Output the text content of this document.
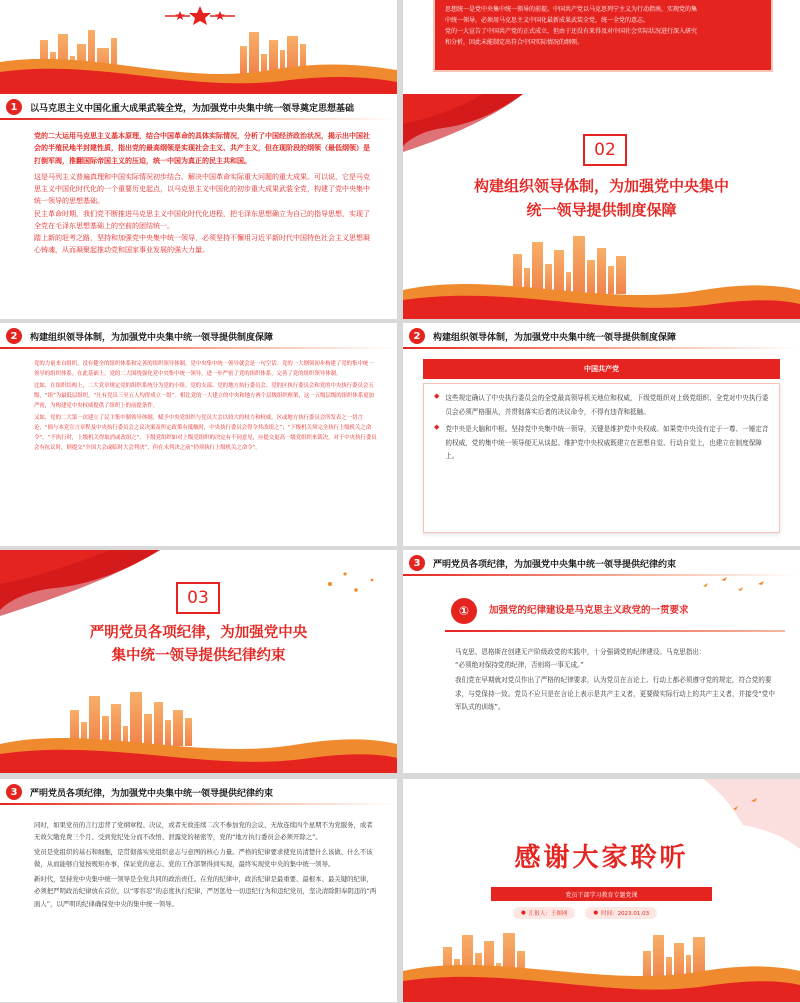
思想统一是党中央集中统一领导的前提。中国共产党以马克思列宁主义为行动指南，实现党的集
中统一领导，必须用马克思主义中国化最新成果武装全党，统一全党的意志。
党的一大宣告了中国共产党的正式成立，但由于还没有来得及对中国社会实际状况进行深入研究
和分析，因此未能制定出符合中国实际情况的纲领。
1	以马克思主义中国化重大成果武装全党，为加强党中央集中统一领导奠定思想基础

党的二大运用马克思主义基本原理，结合中国革命的具体实际情况，分析了中国经济政治状况，揭示出中国社会的半殖民地半封建性质，指出党的最高纲领是实现社会主义、共产主义，但在现阶段的纲领（最低纲领）是打倒军阀，推翻国际帝国主义的压迫，统一中国为真正的民主共和国。

这是马列主义普遍真理和中国实际情况初步结合、解决中国革命实际重大问题的重大成果。可以说，它是马克思主义中国化时代化的一个重要历史起点，以马克思主义中国化的初步重大成果武装全党，构建了党中央集中统一领导的思想基础。

民主革命时期，我们党不断推进马克思主义中国化时代化进程，把毛泽东思想确立为自己的指导思想，实现了全党在毛泽东思想基础上的空前的团结统一。

踏上新的赶考之路，坚持和加强党中央集中统一领导，必须坚持不懈用习近平新时代中国特色社会主义思想凝心铸魂，从而凝聚起推动党和国家事业发展的强大力量。

02
构建组织领导体制，为加强党中央集中
统一领导提供制度保障
2	构建组织领导体制，为加强党中央集中统一领导提供制度保障

党的力量来自组织。没有健全的组织体系和完善的组织领导体制，党中央集中统一领导就会是一句空话。党的一大纲领初步构建了党的集中统一领导的组织体系。在此基础上，党的二大围绕强化党中央集中统一领导，进一步严密了党的组织体系，完善了党的组织领导体制。

比如，在组织结构上，二大党章规定党的组织系统分为党的小组、党的支部、党的地方执行委员会、党的区执行委员会和党的中央执行委员会五级，“组”为最低层组织，“凡有党员三至五人均得成立一组”。相比党的一大建立的中央和地方两个层级组织框架，这一五级层级的组织体系更加严密，为构建党中央权威提供了组织上的前提条件。

又如，党的二大第一次建立了民主集中制领导体制，赋予中央党组织与党员大会以较大的权力和权威。区或地方执行委员会所发表之一切言论，“倘与本党宣言章程及中央执行委员会之议决案及所定政策有抵触时，中央执行委员会得令其改组之”；“下级机关须完全执行上级机关之命令”，“不执行时，上级机关得取消或改组之”。下级党组织如对上级党组织的决定有不同意见，应提交更高一级党组织来裁决。对于中央执行委员会有抗议时，则提交“全国大会或临时大会判决”，但在未判决之前“仍须执行上级机关之命令”。

2	构建组织领导体制，为加强党中央集中统一领导提供制度保障
中国共产党
◆ 这些规定确认了中央执行委员会的全党最高领导机关地位和权威，下级党组织对上级党组织、全党对中央执行委员会必须严格服从，并贯彻落实后者的决议命令，不得有违背和抵触。

◆ 党中央是大脑和中枢。坚持党中央集中统一领导，关键是维护党中央权威。如果党中央没有定于一尊、一锤定音的权威，党的集中统一领导便无从谈起。维护党中央权威既建立在思想自觉、行动自觉上，也建立在制度保障上。

03
严明党员各项纪律，为加强党中央
集中统一领导提供纪律约束
3	严明党员各项纪律，为加强党中央集中统一领导提供纪律约束
①	加强党的纪律建设是马克思主义政党的一贯要求

马克思、恩格斯在创建无产阶级政党的实践中，十分强调党的纪律建设。马克思指出：

“必须绝对保持党的纪律，否则将一事无成。”

我们党在早期就对党员作出了严格的纪律要求，认为党员在言论上、行动上都必须遵守党的规定，符合党的要求，与党保持一致。党员不应只是在言论上表示是共产主义者，更要做实际行动上的共产主义者，并接受“党中军队式的训练”。

3	严明党员各项纪律，为加强党中央集中统一领导提供纪律约束

同时，如果党员的言行违背了党纲章程、决议，或者无故连续二次不参加党的会议、无故连续四个星期不为党服务，或者无故欠缴党费三个月、受到党纪处分而不改悟、泄露党的秘密等，党的“地方执行委员会必须开除之”。

党员是党组织的基石和细胞，是贯彻落实党组织意志与意图的核心力量。严格的纪律要求使党员清楚什么该做、什么不该做，从而能够自觉按规矩办事，保证党的意志、党的工作部署得到实现，最终实现党中央的集中统一领导。

新时代，坚持党中央集中统一领导是全党共同的政治责任。在党的纪律中，政治纪律是最重要、最根本、最关键的纪律，必须把严明政治纪律放在首位，以“零容忍”的态度执行纪律，严厉惩处一切违纪行为和违纪党员，坚决清除阳奉阴违的“两面人”，以严明的纪律确保党中央的集中统一领导。

感谢大家聆听
党员干部学习教育专题党课
● 汇报人：王图网	● 时间：2023.01.03
